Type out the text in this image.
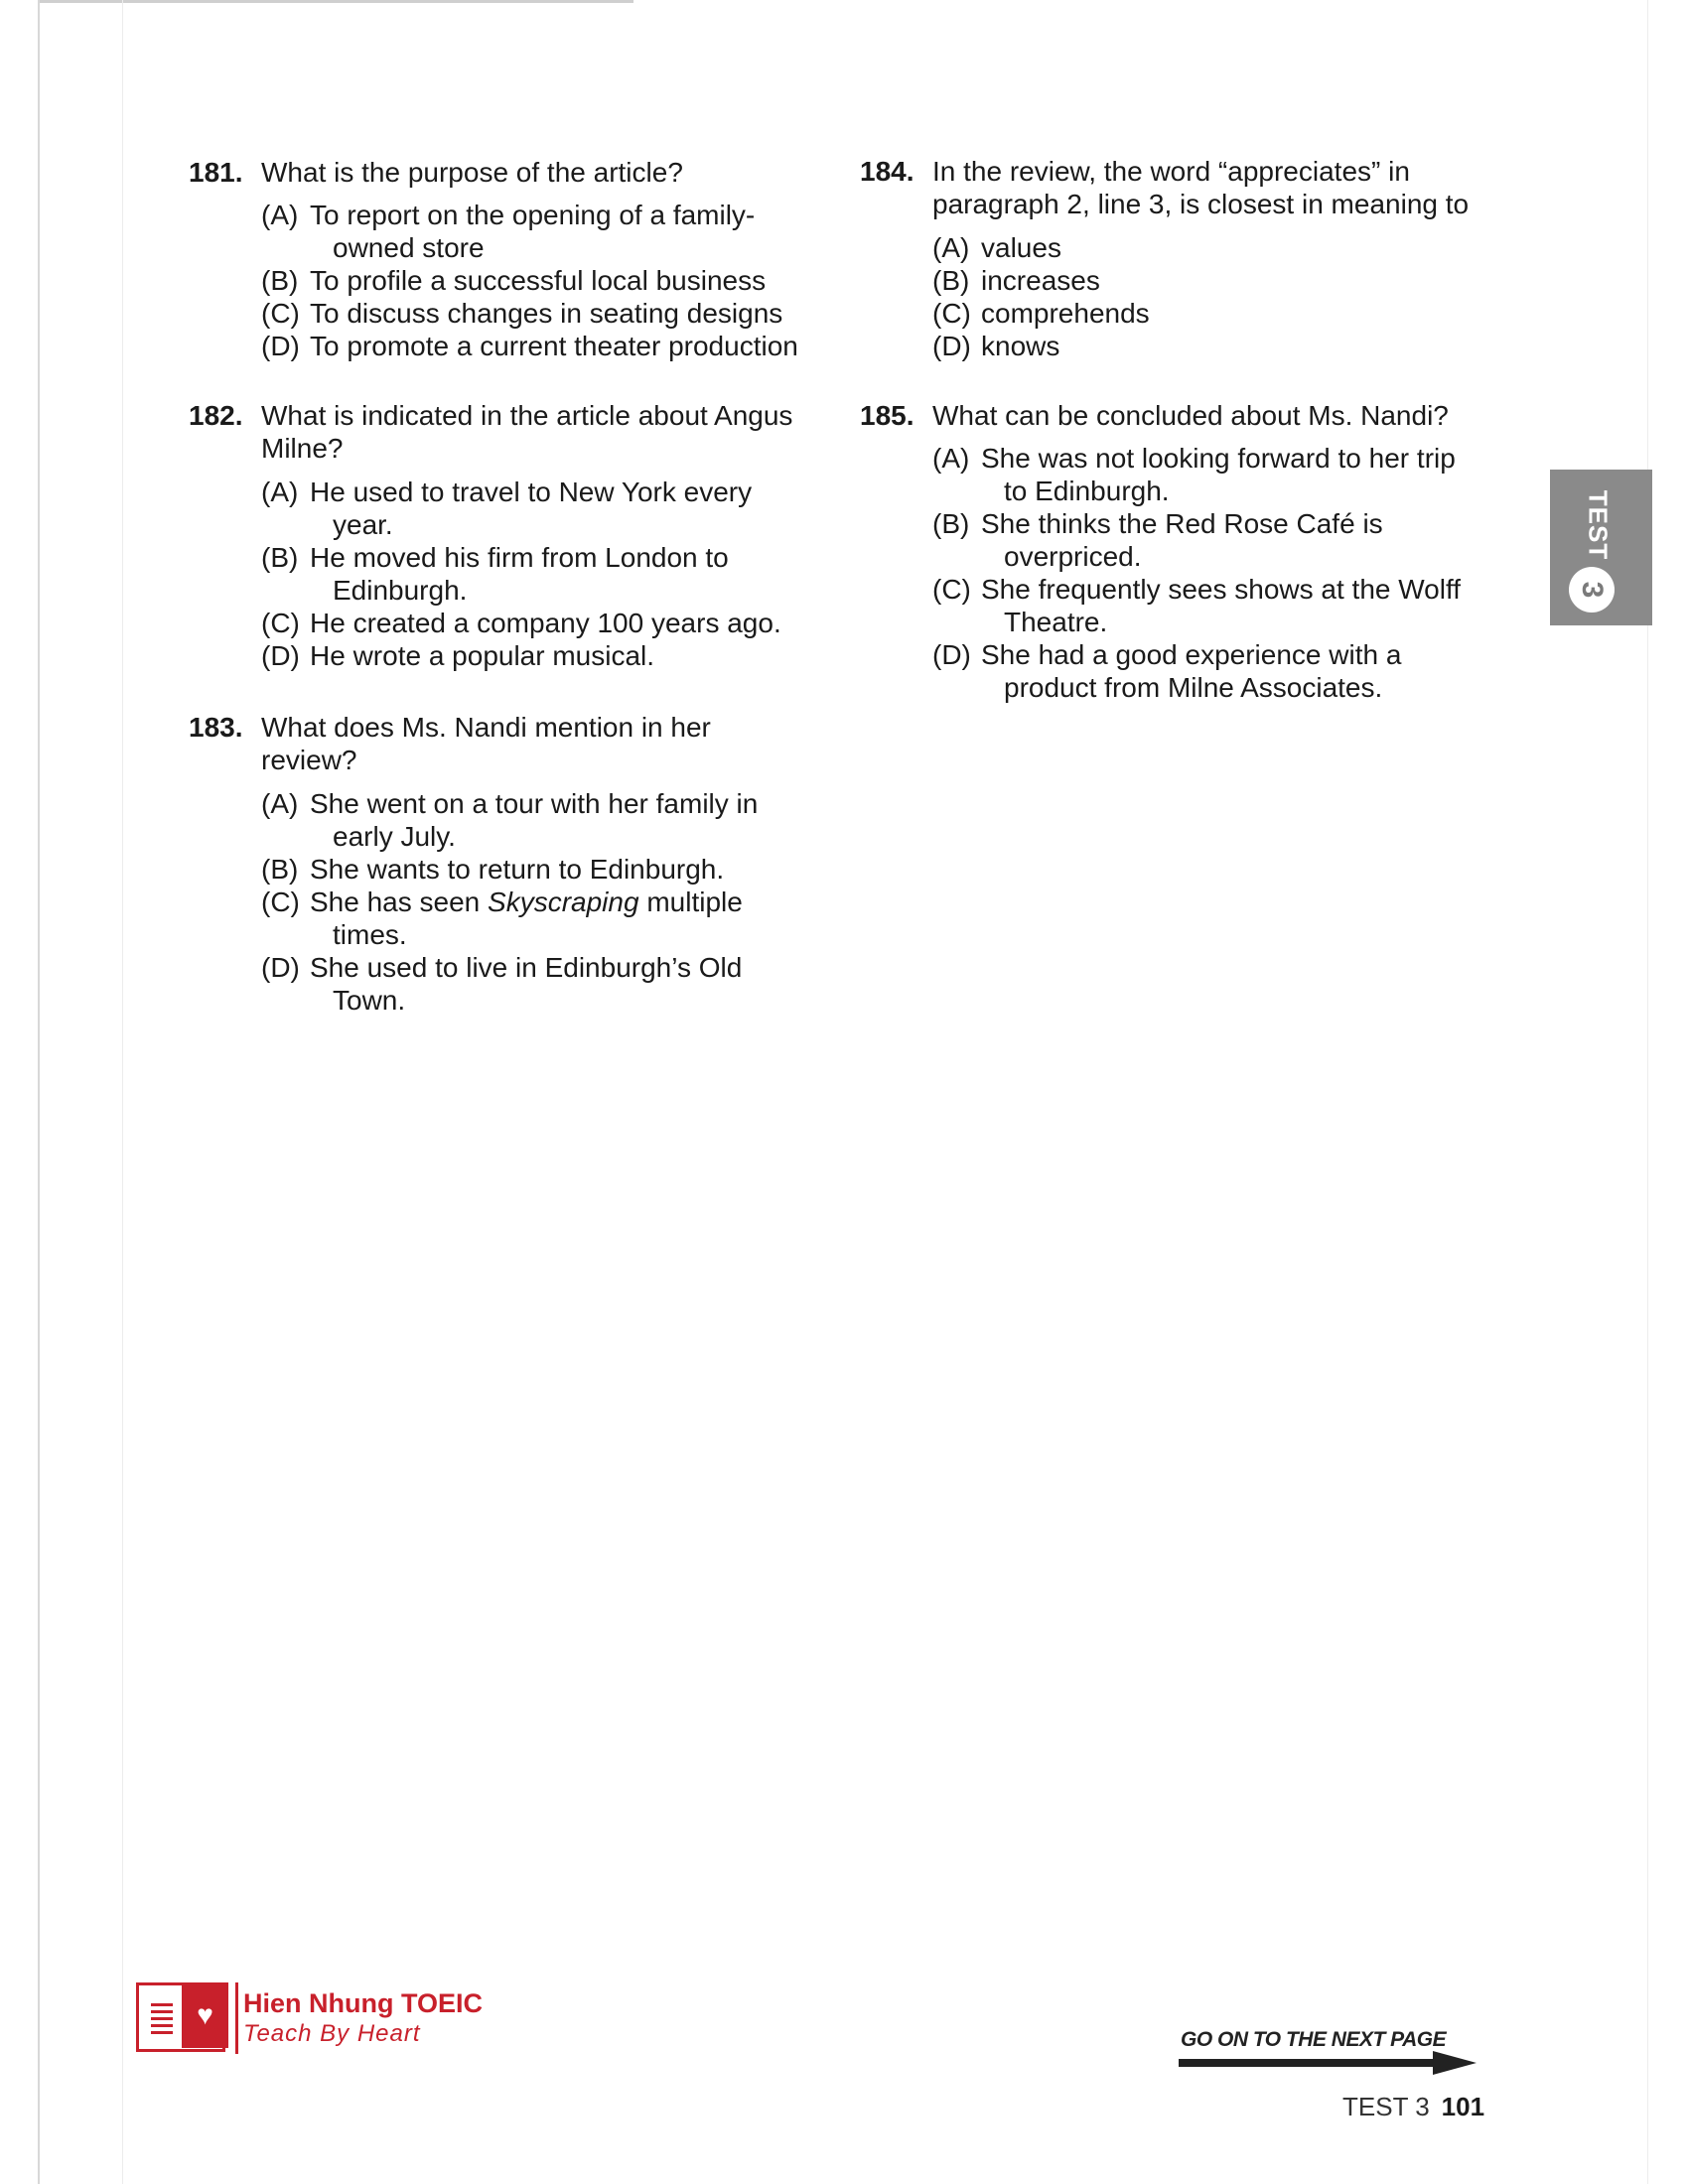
181. What is the purpose of the article?
(A) To report on the opening of a family-
owned store
(B) To profile a successful local business
(C) To discuss changes in seating designs
(D) To promote a current theater production
182. What is indicated in the article about Angus
Milne?
(A) He used to travel to New York every
year.
(B) He moved his firm from London to
Edinburgh.
(C) He created a company 100 years ago.
(D) He wrote a popular musical.
183. What does Ms. Nandi mention in her
review?
(A) She went on a tour with her family in
early July.
(B) She wants to return to Edinburgh.
(C) She has seen Skyscraping multiple
times.
(D) She used to live in Edinburgh’s Old
Town.
184. In the review, the word “appreciates” in
paragraph 2, line 3, is closest in meaning to
(A) values
(B) increases
(C) comprehends
(D) knows
185. What can be concluded about Ms. Nandi?
(A) She was not looking forward to her trip
to Edinburgh.
(B) She thinks the Red Rose Café is
overpriced.
(C) She frequently sees shows at the Wolff
Theatre.
(D) She had a good experience with a
product from Milne Associates.
TEST
3
♥	Hien Nhung TOEIC
Teach By Heart	GO ON TO THE NEXT PAGE
TEST 3 101
